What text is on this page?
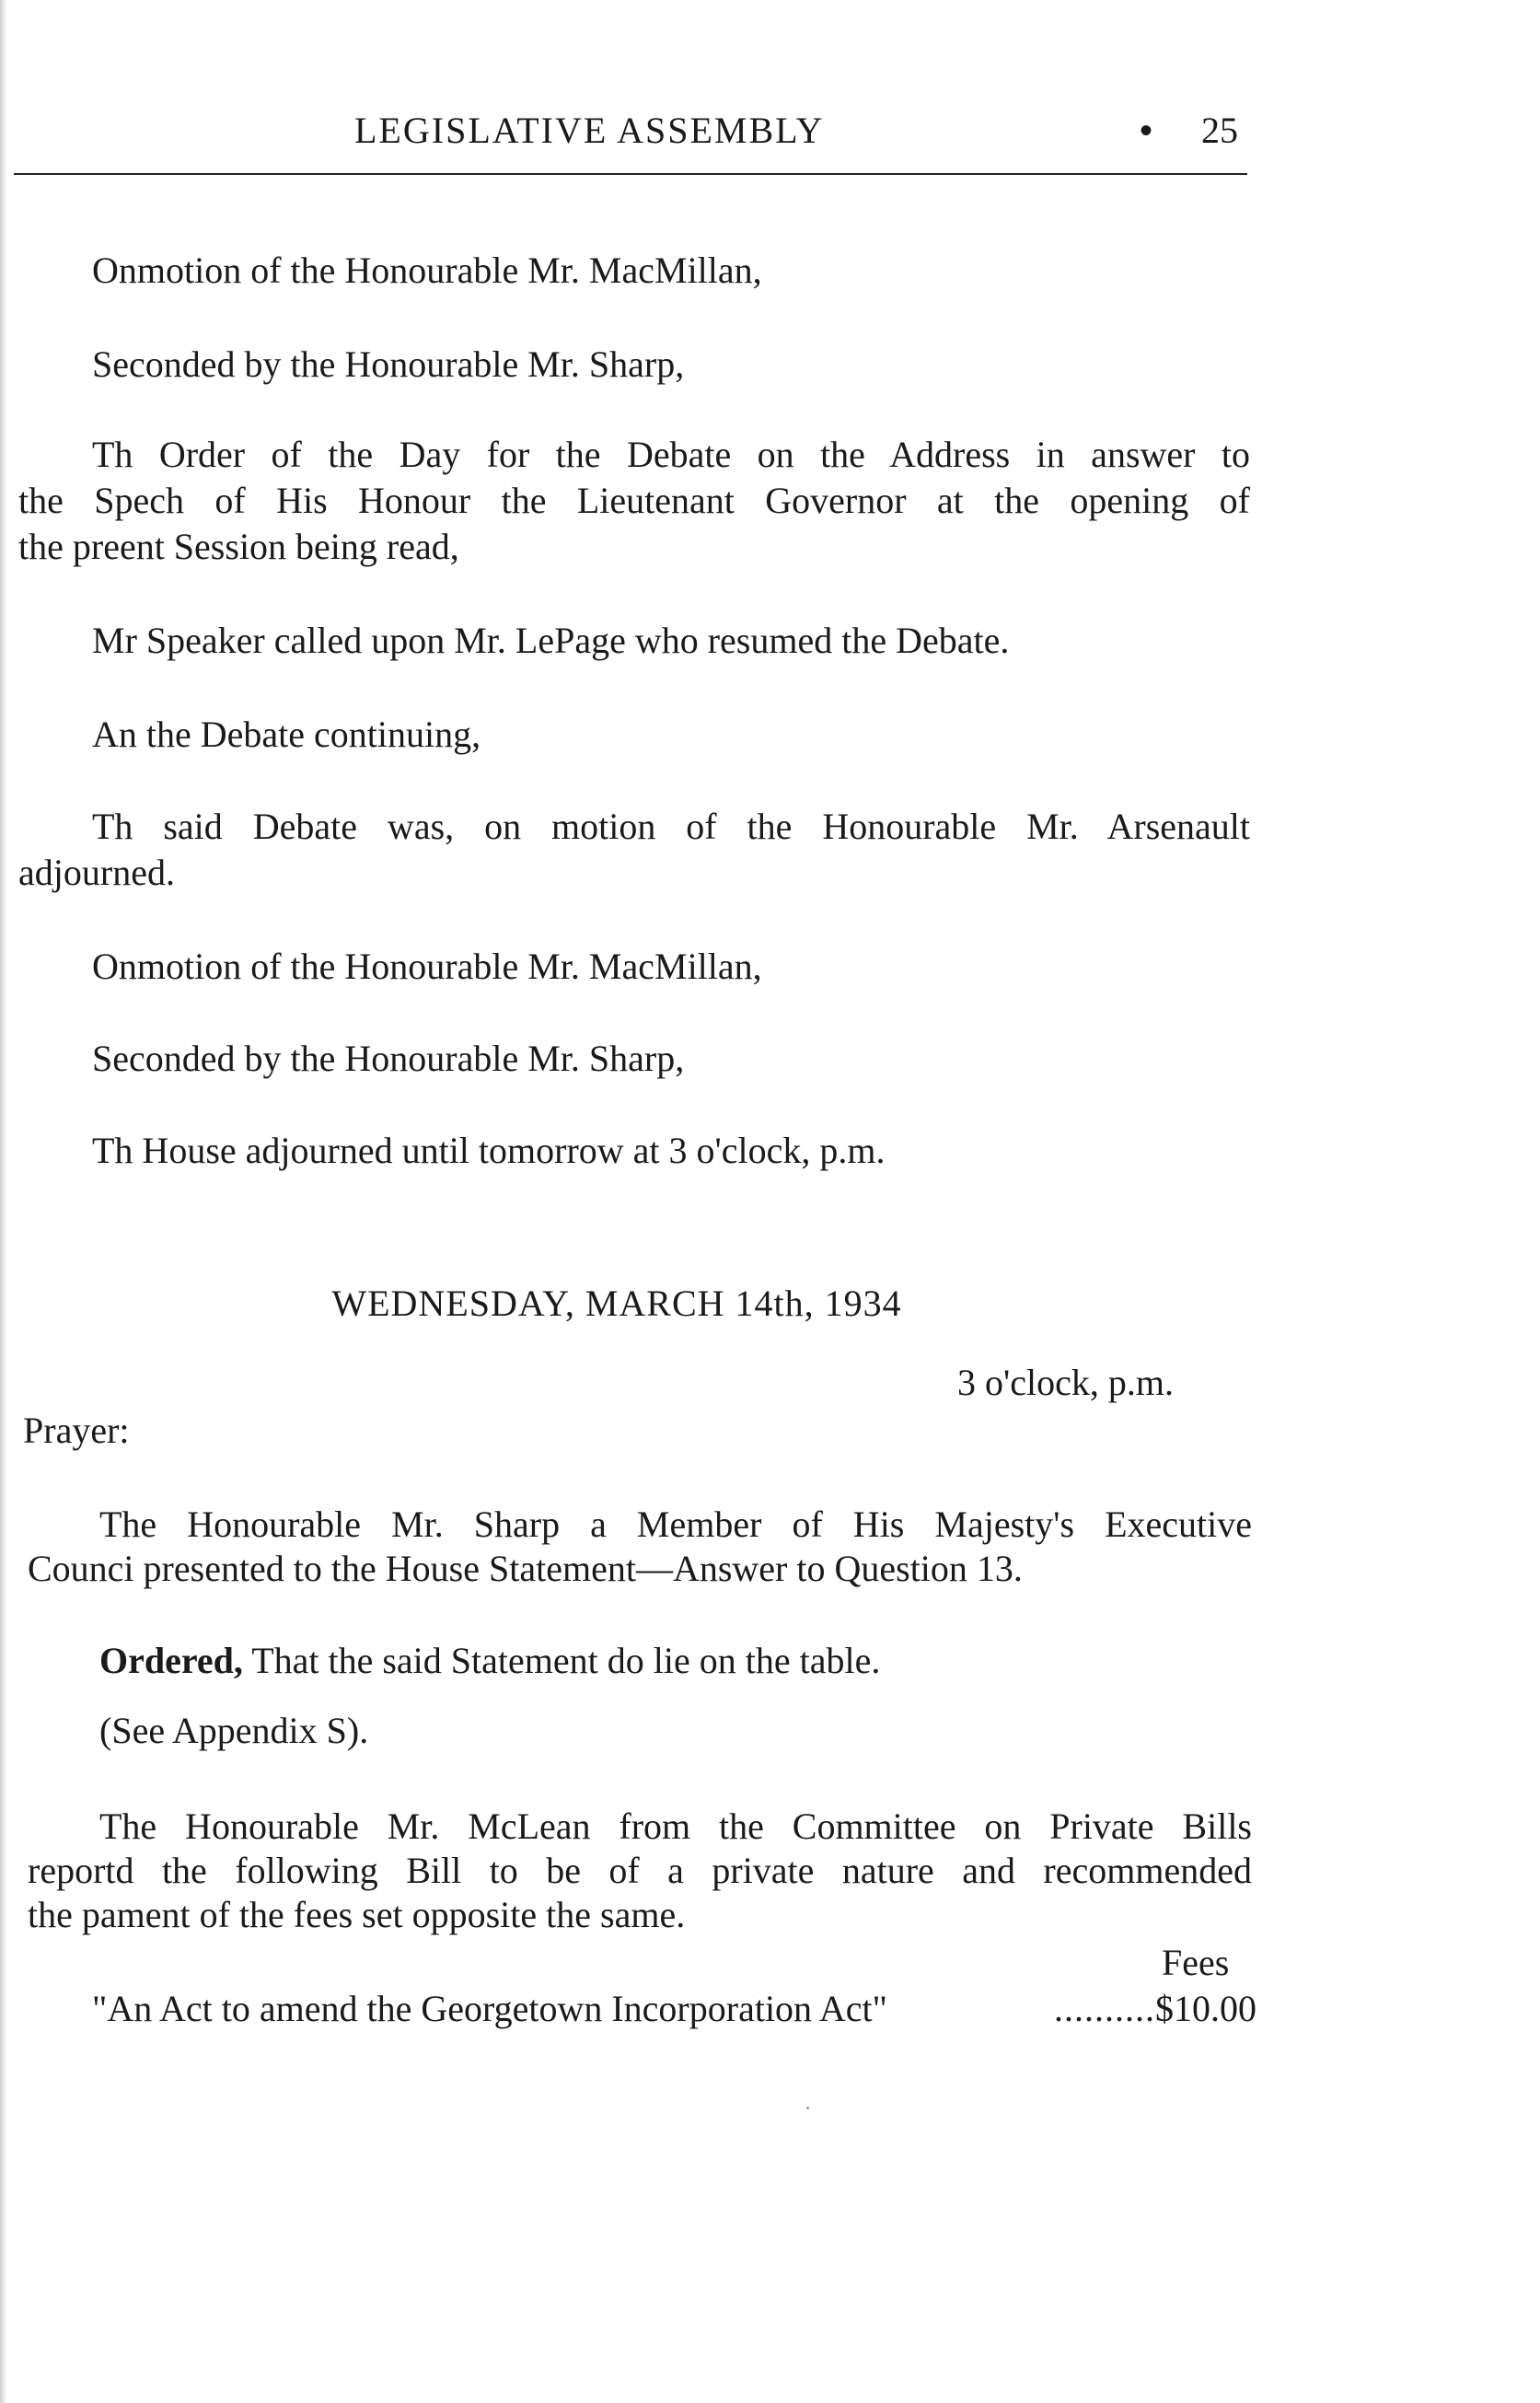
LEGISLATIVE ASSEMBLY	• 25
Onmotion of the Honourable Mr. MacMillan,
Seconded by the Honourable Mr. Sharp,
Th Order of the Day for the Debate on the Address in answer to
the Spech of His Honour the Lieutenant Governor at the opening of
the preent Session being read,
Mr Speaker called upon Mr. LePage who resumed the Debate.
An the Debate continuing,
Th said Debate was, on motion of the Honourable Mr. Arsenault
adjourned.
Onmotion of the Honourable Mr. MacMillan,
Seconded by the Honourable Mr. Sharp,
Th House adjourned until tomorrow at 3 o'clock, p.m.
WEDNESDAY, MARCH 14th, 1934
3 o'clock, p.m.
Prayer:
The Honourable Mr. Sharp a Member of His Majesty's Executive
Counci presented to the House Statement—Answer to Question 13.
Ordered, That the said Statement do lie on the table.
(See Appendix S).
The Honourable Mr. McLean from the Committee on Private Bills
reportd the following Bill to be of a private nature and recommended
the pament of the fees set opposite the same.
Fees
"An Act to amend the Georgetown Incorporation Act"	.......... $10.00
